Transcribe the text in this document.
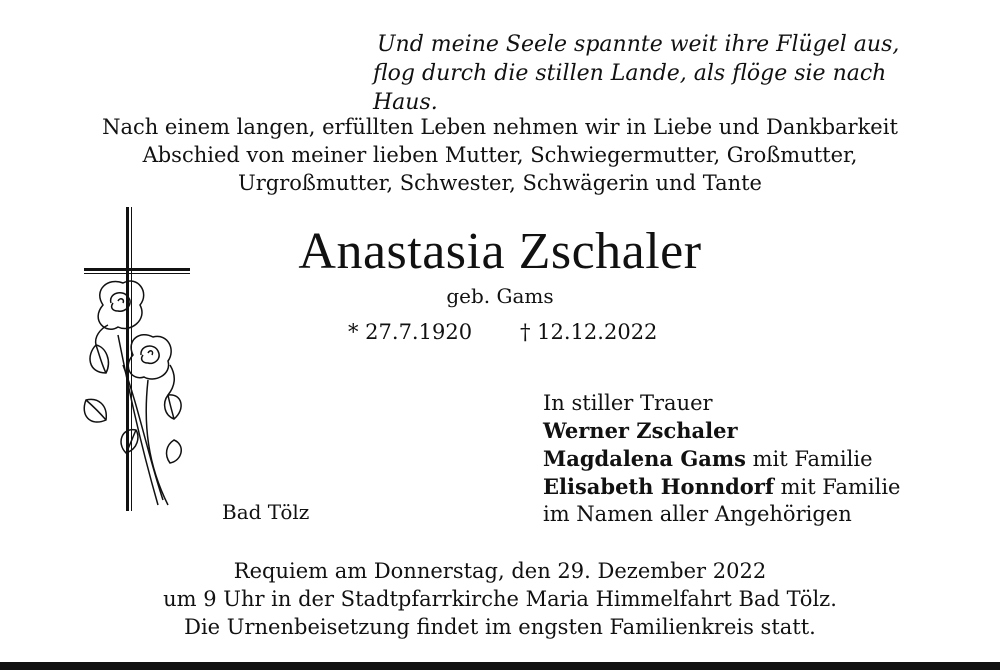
Und meine Seele spannte weit ihre Flügel aus,
flog durch die stillen Lande, als flöge sie nach Haus.
Nach einem langen, erfüllten Leben nehmen wir in Liebe und Dankbarkeit
Abschied von meiner lieben Mutter, Schwiegermutter, Großmutter,
Urgroßmutter, Schwester, Schwägerin und Tante
Anastasia Zschaler
geb. Gams
* 27.7.1920 † 12.12.2022
Bad Tölz
In stiller Trauer
Werner Zschaler
Magdalena Gams mit Familie
Elisabeth Honndorf mit Familie
im Namen aller Angehörigen
Requiem am Donnerstag, den 29. Dezember 2022
um 9 Uhr in der Stadtpfarrkirche Maria Himmelfahrt Bad Tölz.
Die Urnenbeisetzung findet im engsten Familienkreis statt.
